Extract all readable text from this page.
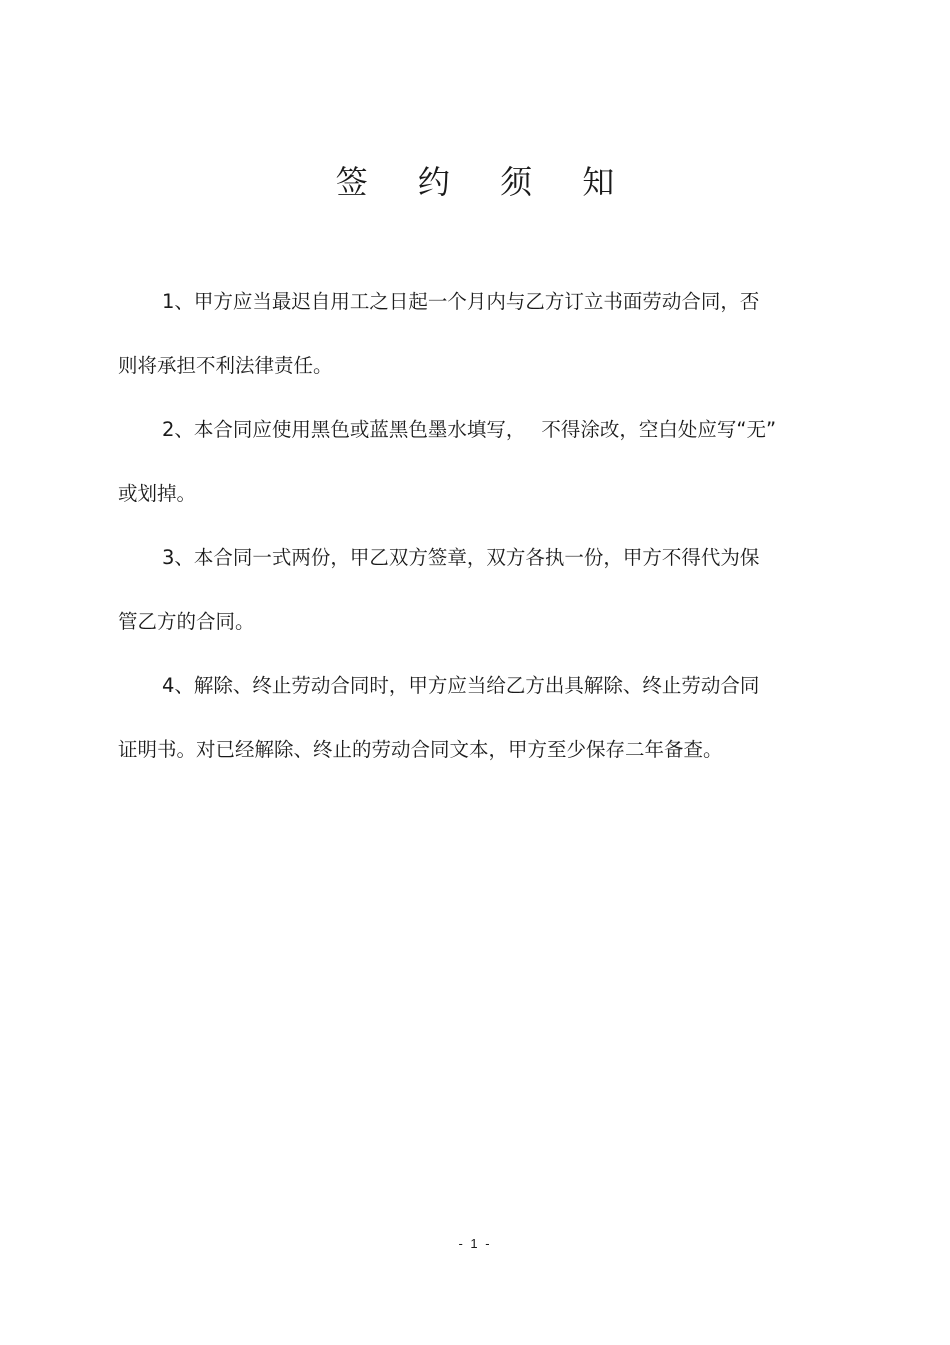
签 约 须 知

1、甲方应当最迟自用工之日起一个月内与乙方订立书面劳动合同，否
则将承担不利法律责任。

2、本合同应使用黑色或蓝黑色墨水填写，　 不得涂改，空白处应写“无”
或划掉。

3、本合同一式两份，甲乙双方签章，双方各执一份，甲方不得代为保
管乙方的合同。

4、解除、终止劳动合同时，甲方应当给乙方出具解除、终止劳动合同
证明书。对已经解除、终止的劳动合同文本，甲方至少保存二年备查。

- 1 -
